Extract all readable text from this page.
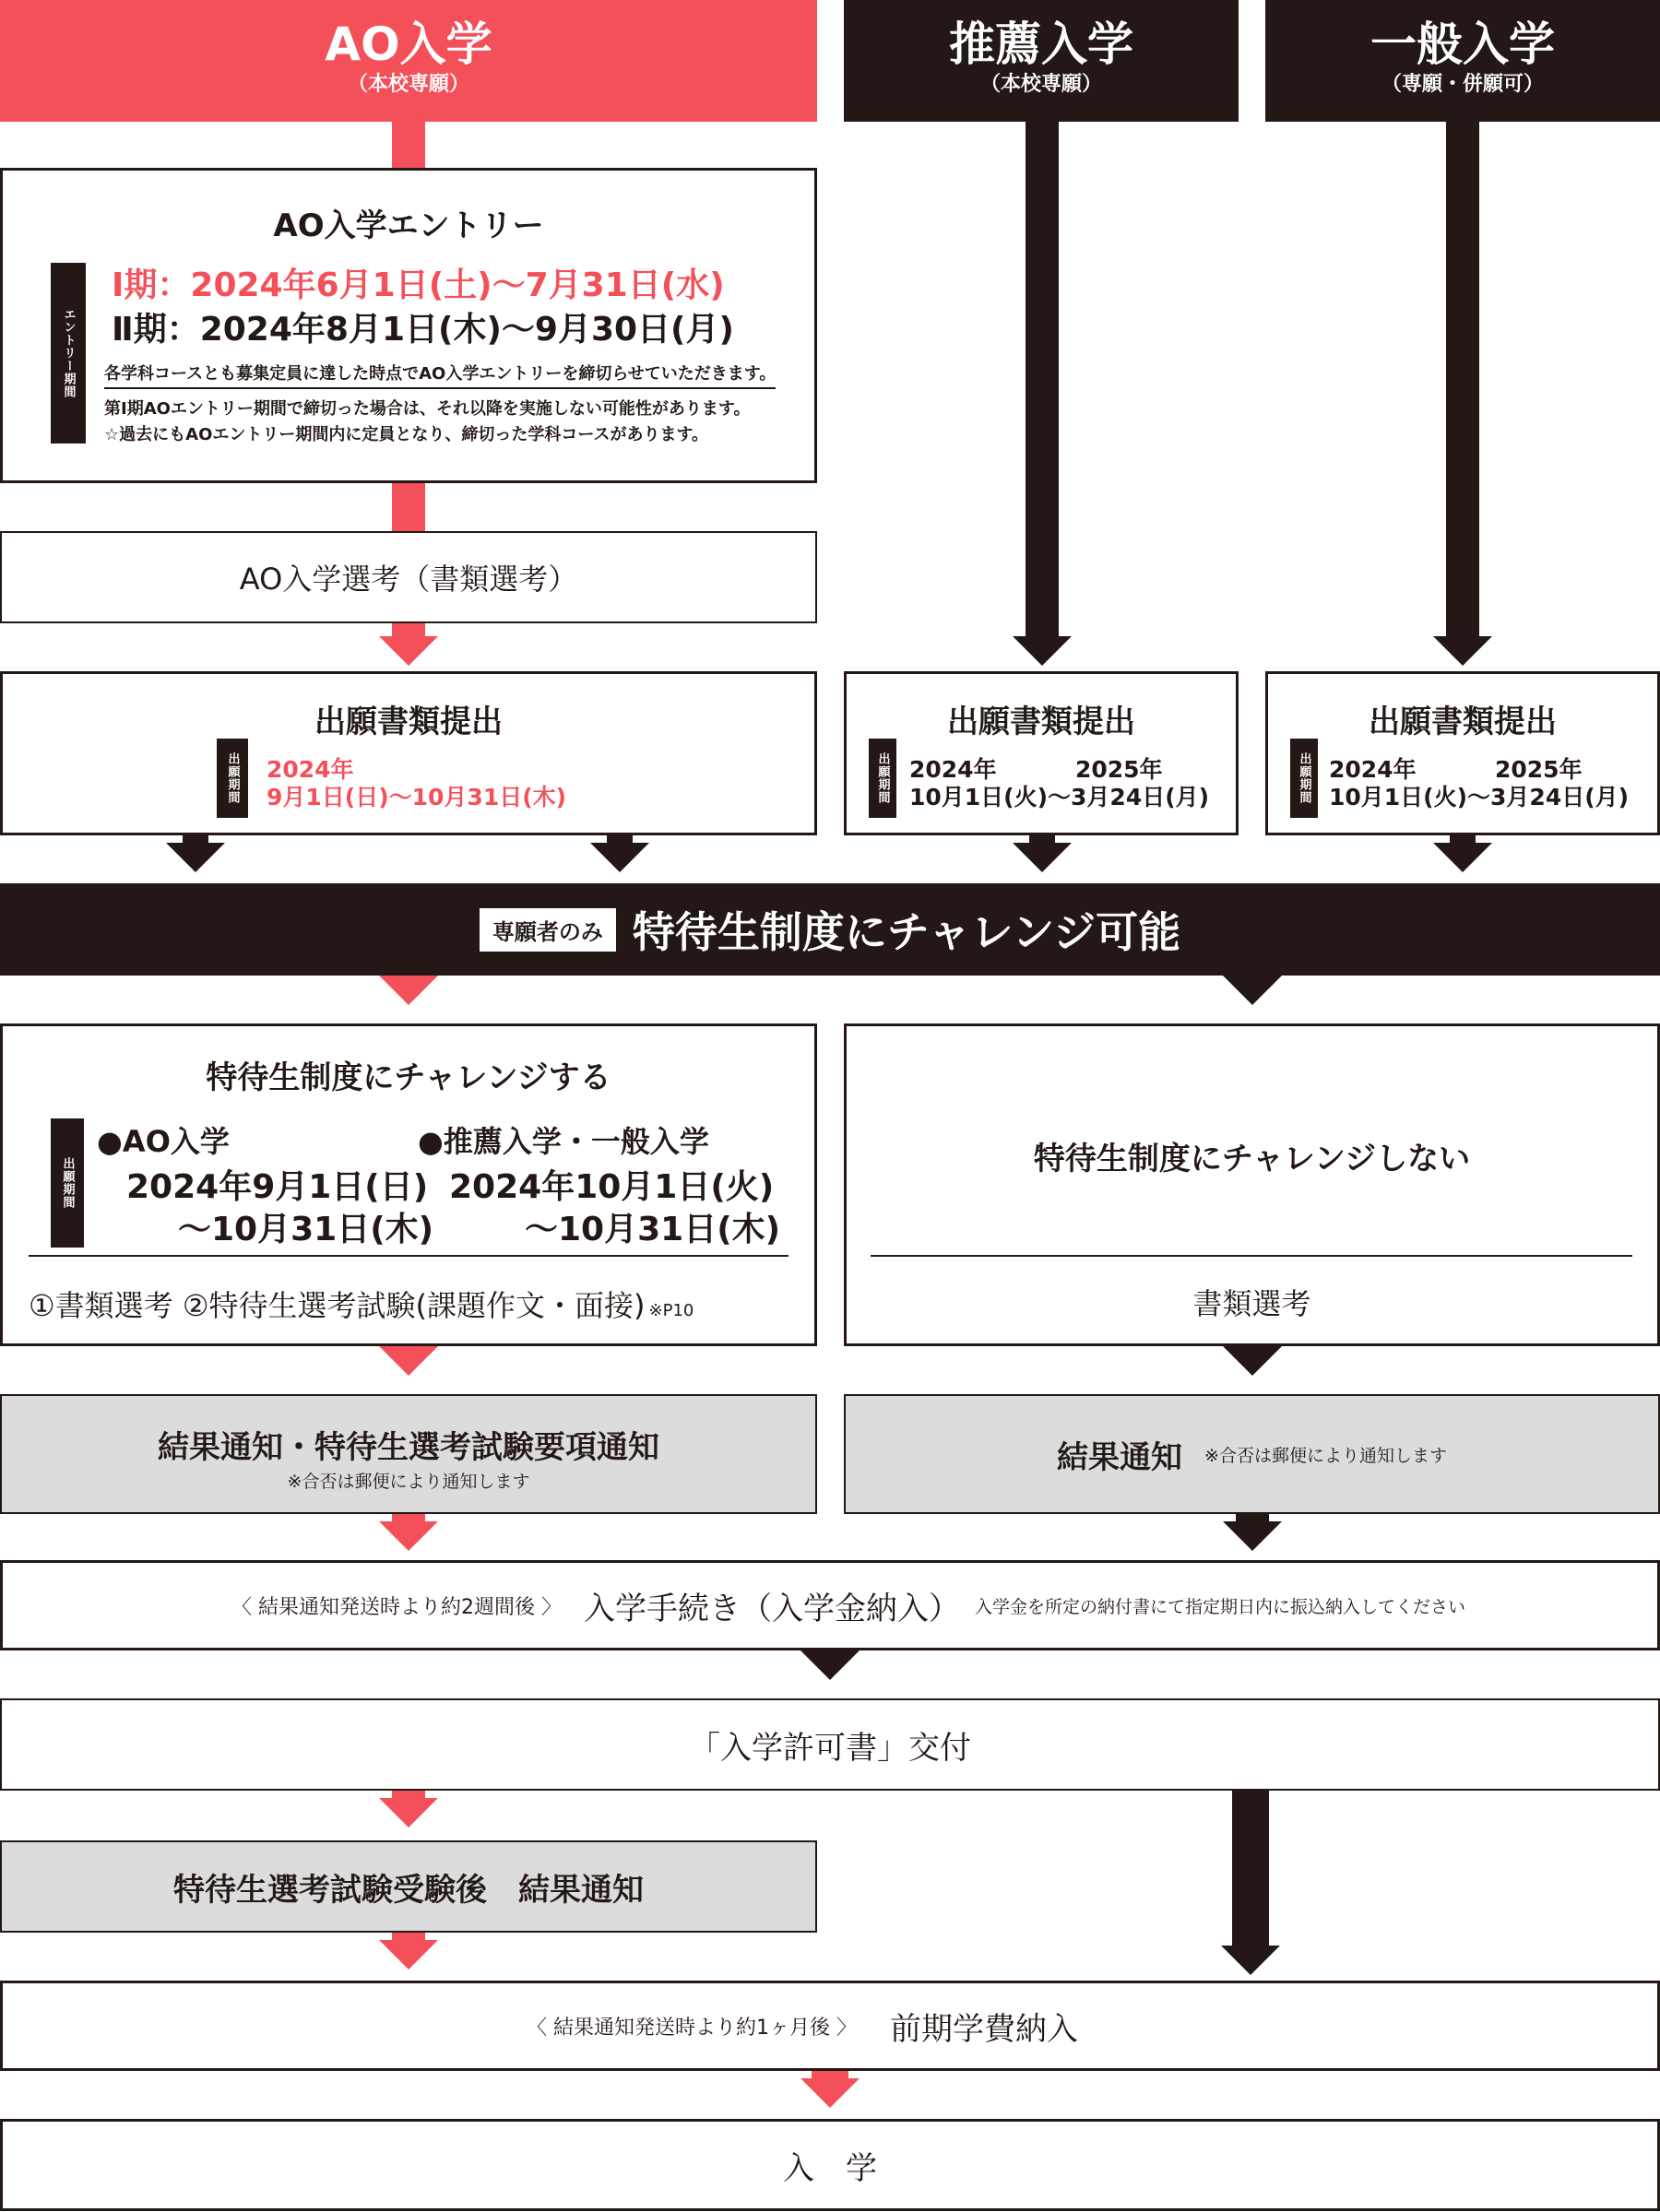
AO入学
（本校専願）
推薦入学
（本校専願）
一般入学
（専願・併願可）
AO入学エントリー
エントリー期間
Ⅰ期：2024年6月1日(土)～7月31日(水)
Ⅱ期：2024年8月1日(木)～9月30日(月)
各学科コースとも募集定員に達した時点でAO入学エントリーを締切らせていただきます。
第Ⅰ期AOエントリー期間で締切った場合は、それ以降を実施しない可能性があります。
☆過去にもAOエントリー期間内に定員となり、締切った学科コースがあります。
AO入学選考（書類選考）
出願書類提出
出願期間	2024年
9月1日(日)～10月31日(木)
出願書類提出
出願期間 2024年	2025年
10月1日(火)～3月24日(月)
出願書類提出
出願期間 2024年	2025年
10月1日(火)～3月24日(月)
専願者のみ 特待生制度にチャレンジ可能
特待生制度にチャレンジする
出願期間
●AO入学
2024年9月1日(日)
～10月31日(木)
●推薦入学・一般入学
2024年10月1日(火)
～10月31日(木)
①書類選考 ②特待生選考試験(課題作文・面接) ※P10
特待生制度にチャレンジしない
書類選考
結果通知・特待生選考試験要項通知
※合否は郵便により通知します
結果通知 ※合否は郵便により通知します
〈 結果通知発送時より約2週間後 〉 入学手続き（入学金納入） 入学金を所定の納付書にて指定期日内に振込納入してください
「入学許可書」交付
特待生選考試験受験後　結果通知
〈 結果通知発送時より約1ヶ月後 〉 前期学費納入
入　学
